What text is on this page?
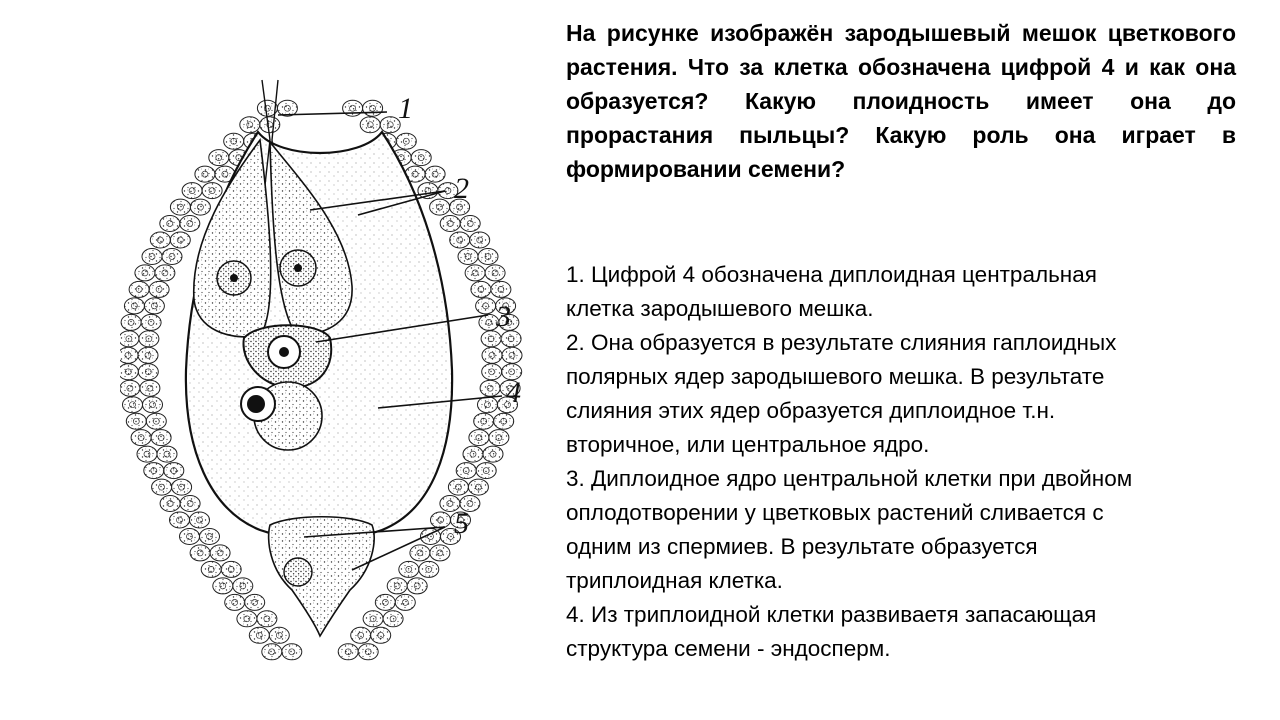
1
2
3
4
5

На рисунке изображён зародышевый мешок цветкового растения. Что за клетка обозначена цифрой 4 и как она образуется? Какую плоидность имеет она до прорастания пыльцы? Какую роль она играет в формировании семени?

1. Цифрой 4 обозначена диплоидная центральная
клетка зародышевого мешка.
2. Она образуется в результате слияния гаплоидных
полярных ядер зародышевого мешка. В результате
слияния этих ядер образуется диплоидное т.н.
вторичное, или центральное ядро.
3. Диплоидное ядро центральной клетки при двойном
оплодотворении у цветковых растений сливается с
одним из спермиев. В результате образуется
триплоидная клетка.
4. Из триплоидной клетки развиваетя запасающая
структура семени - эндосперм.
